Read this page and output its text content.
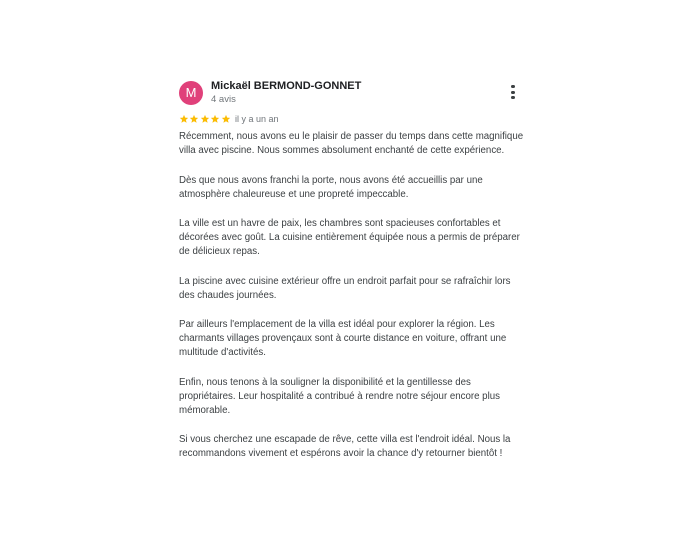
M	Mickaël BERMOND-GONNET
4 avis
il y a un an

Récemment, nous avons eu le plaisir de passer du temps dans cette magnifique villa avec piscine. Nous sommes absolument enchanté de cette expérience.

Dès que nous avons franchi la porte, nous avons été accueillis par une atmosphère chaleureuse et une propreté impeccable.

La ville est un havre de paix, les chambres sont spacieuses confortables et décorées avec goût. La cuisine entièrement équipée nous a permis de préparer de délicieux repas.

La piscine avec cuisine extérieur offre un endroit parfait pour se rafraîchir lors des chaudes journées.

Par ailleurs l'emplacement de la villa est idéal pour explorer la région. Les charmants villages provençaux sont à courte distance en voiture, offrant une multitude d'activités.

Enfin, nous tenons à la souligner la disponibilité et la gentillesse des propriétaires. Leur hospitalité a contribué à rendre notre séjour encore plus mémorable.

Si vous cherchez une escapade de rêve, cette villa est l'endroit idéal. Nous la recommandons vivement et espérons avoir la chance d'y retourner bientôt !
